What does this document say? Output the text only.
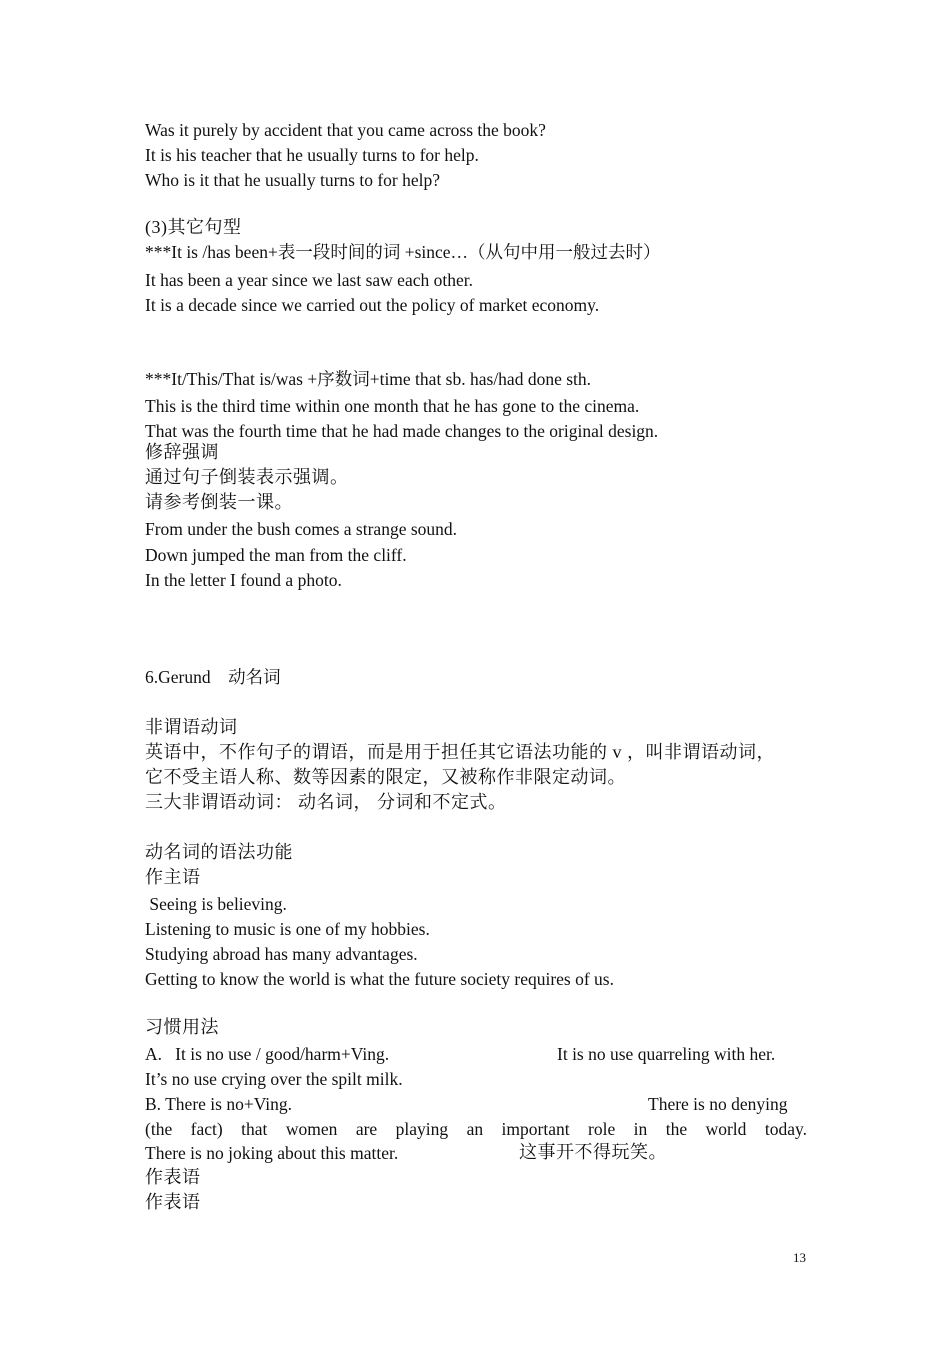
Was it purely by accident that you came across the book?
It is his teacher that he usually turns to for help.
Who is it that he usually turns to for help?
(3)其它句型
***It is /has been+表一段时间的词 +since…（从句中用一般过去时）
It has been a year since we last saw each other.
It is a decade since we carried out the policy of market economy.
***It/This/That is/was +序数词+time that sb. has/had done sth.
This is the third time within one month that he has gone to the cinema.
That was the fourth time that he had made changes to the original design.
修辞强调
通过句子倒装表示强调。
请参考倒装一课。
From under the bush comes a strange sound.
Down jumped the man from the cliff.
In the letter I found a photo.
6.Gerund　动名词
非谓语动词
英语中，不作句子的谓语，而是用于担任其它语法功能的 v ，叫非谓语动词，
它不受主语人称、数等因素的限定，又被称作非限定动词。
三大非谓语动词： 动名词， 分词和不定式。
动名词的语法功能
作主语
Seeing is believing.
Listening to music is one of my hobbies.
Studying abroad has many advantages.
Getting to know the world is what the future society requires of us.
习惯用法
A.   It is no use / good/harm+Ving.	It is no use quarreling with her.
It’s no use crying over the spilt milk.
B. There is no+Ving.	There is no denying
(the fact) that women are playing an important role in the world today.
There is no joking about this matter.	这事开不得玩笑。
作表语
作表语
13
